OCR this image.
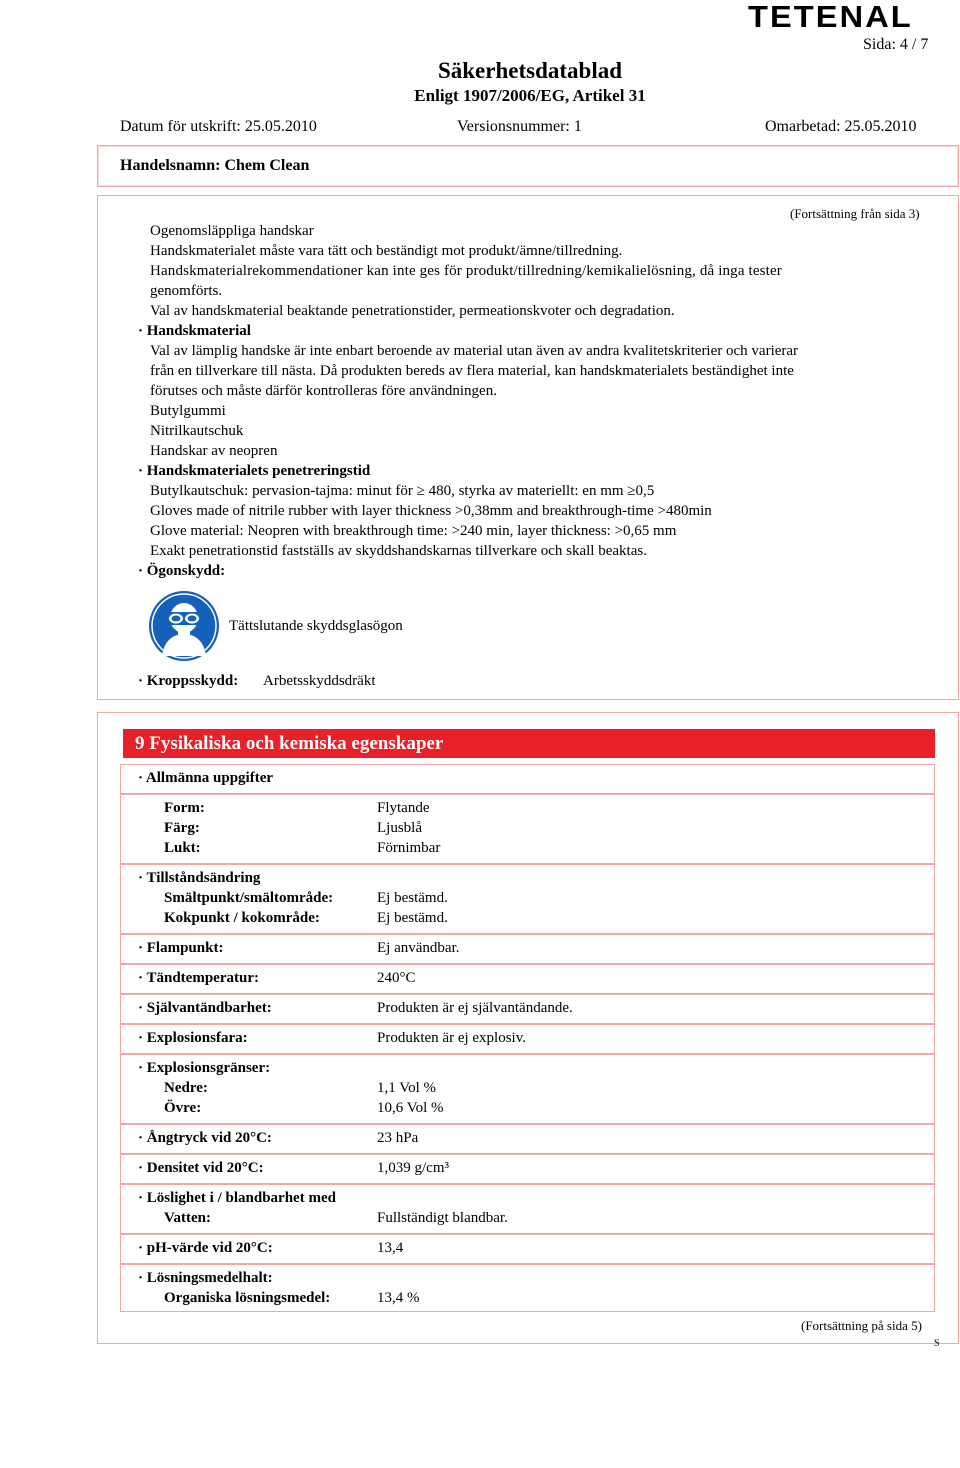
TETENAL
Sida: 4 / 7
Säkerhetsdatablad
Enligt 1907/2006/EG, Artikel 31
Datum för utskrift: 25.05.2010	Versionsnummer: 1	Omarbetad: 25.05.2010
Handelsnamn: Chem Clean
(Fortsättning från sida 3)
Ogenomsläppliga handskar
Handskmaterialet måste vara tätt och beständigt mot produkt/ämne/tillredning.
Handskmaterialrekommendationer kan inte ges för produkt/tillredning/kemikalielösning, då inga tester
genomförts.
Val av handskmaterial beaktande penetrationstider, permeationskvoter och degradation.
· Handskmaterial
Val av lämplig handske är inte enbart beroende av material utan även av andra kvalitetskriterier och varierar
från en tillverkare till nästa. Då produkten bereds av flera material, kan handskmaterialets beständighet inte
förutses och måste därför kontrolleras före användningen.
Butylgummi
Nitrilkautschuk
Handskar av neopren
· Handskmaterialets penetreringstid
Butylkautschuk: pervasion-tajma: minut för ≥ 480, styrka av materiellt: en mm ≥0,5
Gloves made of nitrile rubber with layer thickness >0,38mm and breakthrough-time >480min
Glove material: Neopren with breakthrough time: >240 min, layer thickness: >0,65 mm
Exakt penetrationstid fastställs av skyddshandskarnas tillverkare och skall beaktas.
· Ögonskydd:
Tättslutande skyddsglasögon
· Kroppsskydd: Arbetsskyddsdräkt
9 Fysikaliska och kemiska egenskaper
· Allmänna uppgifter
Form:	Flytande
Färg:	Ljusblå
Lukt:	Förnimbar
· Tillståndsändring
Smältpunkt/smältområde:	Ej bestämd.
Kokpunkt / kokområde:	Ej bestämd.
· Flampunkt:	Ej användbar.
· Tändtemperatur:	240°C
· Självantändbarhet:	Produkten är ej självantändande.
· Explosionsfara:	Produkten är ej explosiv.
· Explosionsgränser:
Nedre:	1,1 Vol %
Övre:	10,6 Vol %
· Ångtryck vid 20°C:	23 hPa
· Densitet vid 20°C:	1,039 g/cm³
· Löslighet i / blandbarhet med
Vatten:	Fullständigt blandbar.
· pH-värde vid 20°C:	13,4
· Lösningsmedelhalt:
Organiska lösningsmedel:	13,4 %
(Fortsättning på sida 5)
S
